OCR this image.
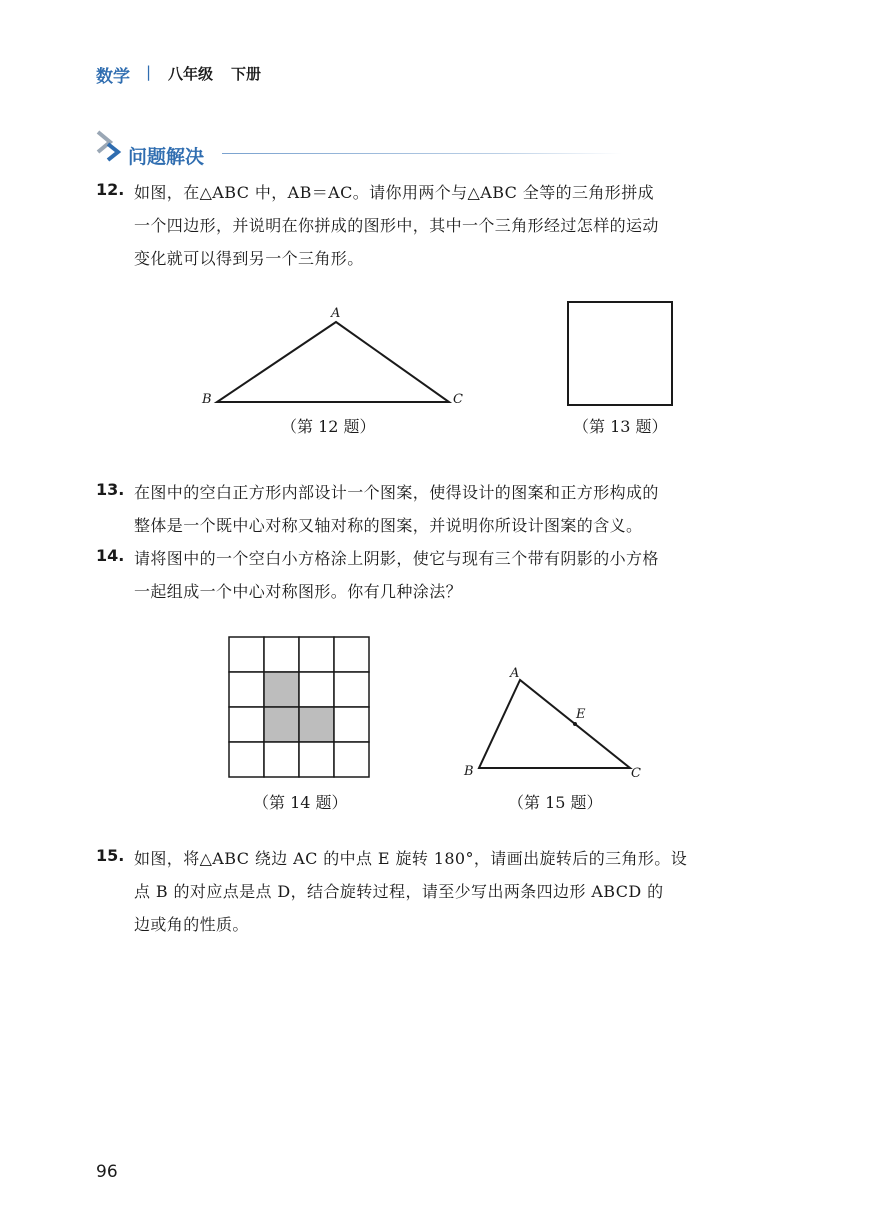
数学 | 八年级 下册
问题解决
12. 如图，在△ABC 中，AB＝AC。请你用两个与△ABC 全等的三角形拼成
一个四边形，并说明在你拼成的图形中，其中一个三角形经过怎样的运动
变化就可以得到另一个三角形。
A
B	C
（第 12 题）	（第 13 题）
13. 在图中的空白正方形内部设计一个图案，使得设计的图案和正方形构成的
整体是一个既中心对称又轴对称的图案，并说明你所设计图案的含义。
14. 请将图中的一个空白小方格涂上阴影，使它与现有三个带有阴影的小方格
一起组成一个中心对称图形。你有几种涂法？
（第 14 题）
A
E
B	C
（第 15 题）
15. 如图，将△ABC 绕边 AC 的中点 E 旋转 180°，请画出旋转后的三角形。设
点 B 的对应点是点 D，结合旋转过程，请至少写出两条四边形 ABCD 的
边或角的性质。
96
